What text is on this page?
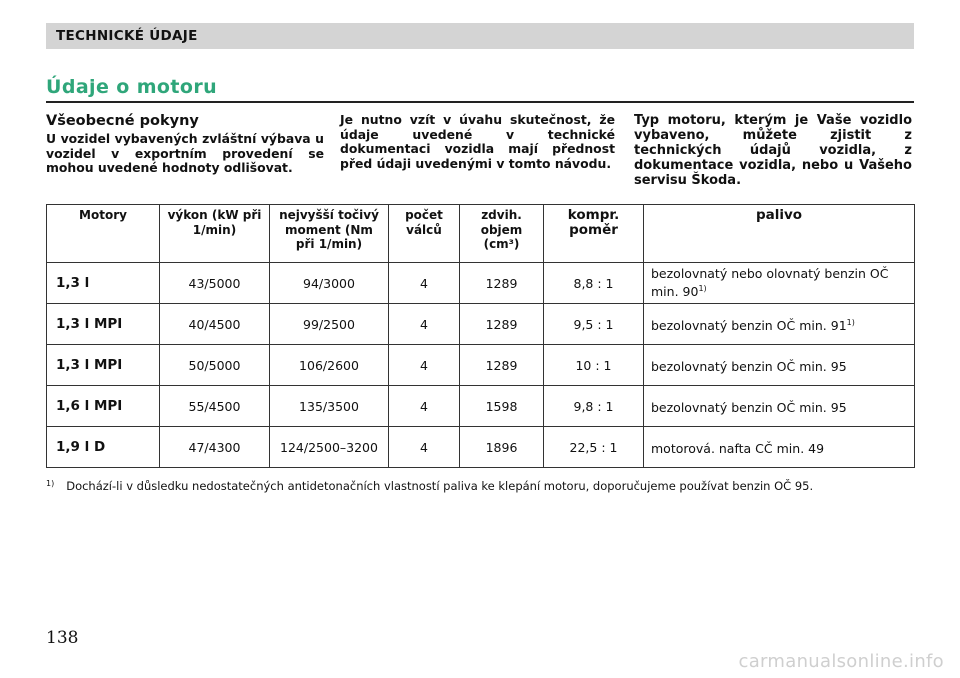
TECHNICKÉ ÚDAJE
Údaje o motoru
Všeobecné pokyny

U vozidel vybavených zvláštní výbava u vozidel v exportním provedení se mohou uvedené hodnoty odlišovat.

Je nutno vzít v úvahu skutečnost, že údaje uvedené v technické dokumentaci vozidla mají přednost před údaji uvedenými v tomto návodu.

Typ motoru, kterým je Vaše vozidlo vybaveno, můžete zjistit z technických údajů vozidla, z dokumentace vozidla, nebo u Vašeho servisu Škoda.

Motory	výkon (kW při 1/min)	nejvyšší točivý moment (Nm při 1/min)	počet válců	zdvih. objem (cm³)	kompr. poměr	palivo
1,3 l	43/5000	94/3000	4	1289	8,8 : 1	bezolovnatý nebo olovnatý benzin OČ min. 90$^{1)}$
1,3 l MPI	40/4500	99/2500	4	1289	9,5 : 1	bezolovnatý benzin OČ min. 91$^{1)}$
1,3 l MPI	50/5000	106/2600	4	1289	10 : 1	bezolovnatý benzin OČ min. 95
1,6 l MPI	55/4500	135/3500	4	1598	9,8 : 1	bezolovnatý benzin OČ min. 95
1,9 l D	47/4300	124/2500–3200	4	1896	22,5 : 1	motorová. nafta CČ min. 49
$^{1)}$ Dochází-li v důsledku nedostatečných antidetonačních vlastností paliva ke klepání motoru, doporučujeme používat benzin OČ 95.
138
carmanualsonline.info
